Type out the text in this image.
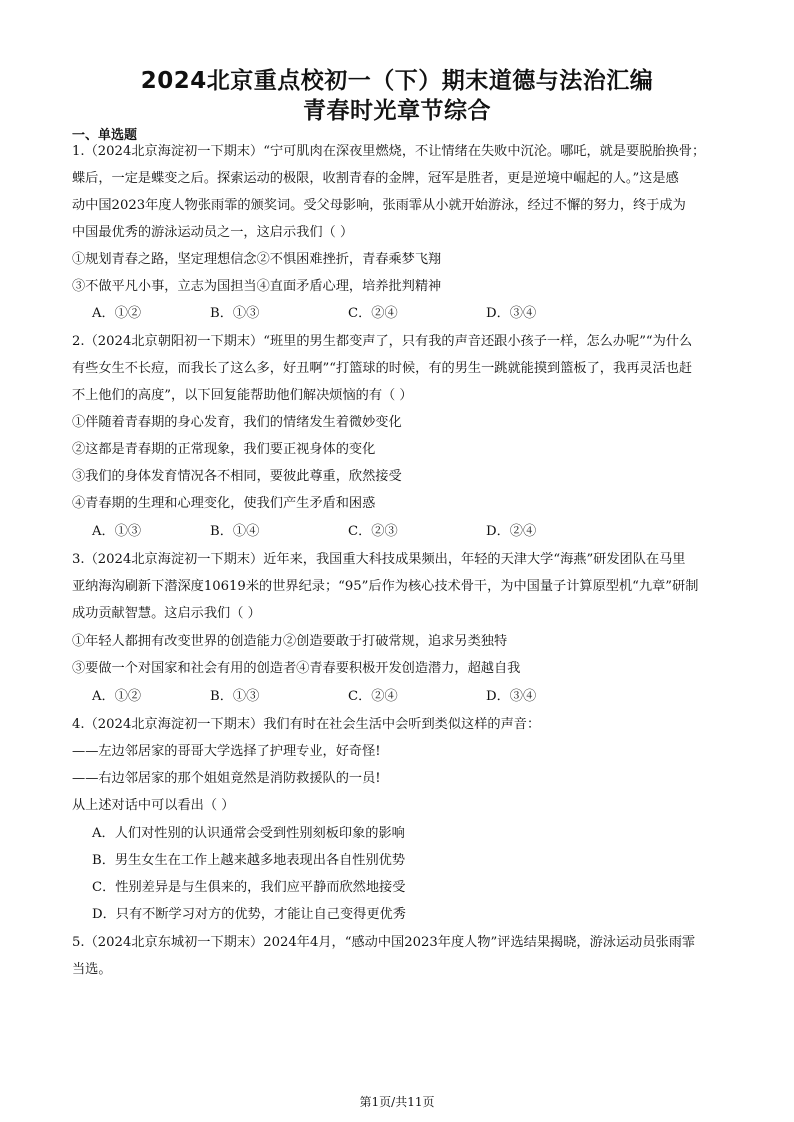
2024北京重点校初一（下）期末道德与法治汇编
青春时光章节综合
一、单选题
1.（2024北京海淀初一下期末）“宁可肌肉在深夜里燃烧，不让情绪在失败中沉沦。哪吒，就是要脱胎换骨；
蝶后，一定是蝶变之后。探索运动的极限，收割青春的金牌，冠军是胜者，更是逆境中崛起的人。”这是感
动中国2023年度人物张雨霏的颁奖词。受父母影响，张雨霏从小就开始游泳，经过不懈的努力，终于成为
中国最优秀的游泳运动员之一，这启示我们（ ）
①规划青春之路，坚定理想信念②不惧困难挫折，青春乘梦飞翔
③不做平凡小事，立志为国担当④直面矛盾心理，培养批判精神
A．①②	B．①③	C．②④	D．③④
2.（2024北京朝阳初一下期末）“班里的男生都变声了，只有我的声音还跟小孩子一样，怎么办呢”“为什么
有些女生不长痘，而我长了这么多，好丑啊”“打篮球的时候，有的男生一跳就能摸到篮板了，我再灵活也赶
不上他们的高度”，以下回复能帮助他们解决烦恼的有（ ）
①伴随着青春期的身心发育，我们的情绪发生着微妙变化
②这都是青春期的正常现象，我们要正视身体的变化
③我们的身体发育情况各不相同，要彼此尊重，欣然接受
④青春期的生理和心理变化，使我们产生矛盾和困惑
A．①③	B．①④	C．②③	D．②④
3.（2024北京海淀初一下期末）近年来，我国重大科技成果频出，年轻的天津大学“海燕”研发团队在马里
亚纳海沟刷新下潜深度10619米的世界纪录；“95”后作为核心技术骨干，为中国量子计算原型机“九章”研制
成功贡献智慧。这启示我们（ ）
①年轻人都拥有改变世界的创造能力②创造要敢于打破常规，追求另类独特
③要做一个对国家和社会有用的创造者④青春要积极开发创造潜力，超越自我
A．①②	B．①③	C．②④	D．③④
4.（2024北京海淀初一下期末）我们有时在社会生活中会听到类似这样的声音：
——左边邻居家的哥哥大学选择了护理专业，好奇怪!
——右边邻居家的那个姐姐竟然是消防救援队的一员!
从上述对话中可以看出（ ）
A．人们对性别的认识通常会受到性别刻板印象的影响
B．男生女生在工作上越来越多地表现出各自性别优势
C．性别差异是与生俱来的，我们应平静而欣然地接受
D．只有不断学习对方的优势，才能让自己变得更优秀
5.（2024北京东城初一下期末）2024年4月，“感动中国2023年度人物”评选结果揭晓，游泳运动员张雨霏
当选。
第1页/共11页
